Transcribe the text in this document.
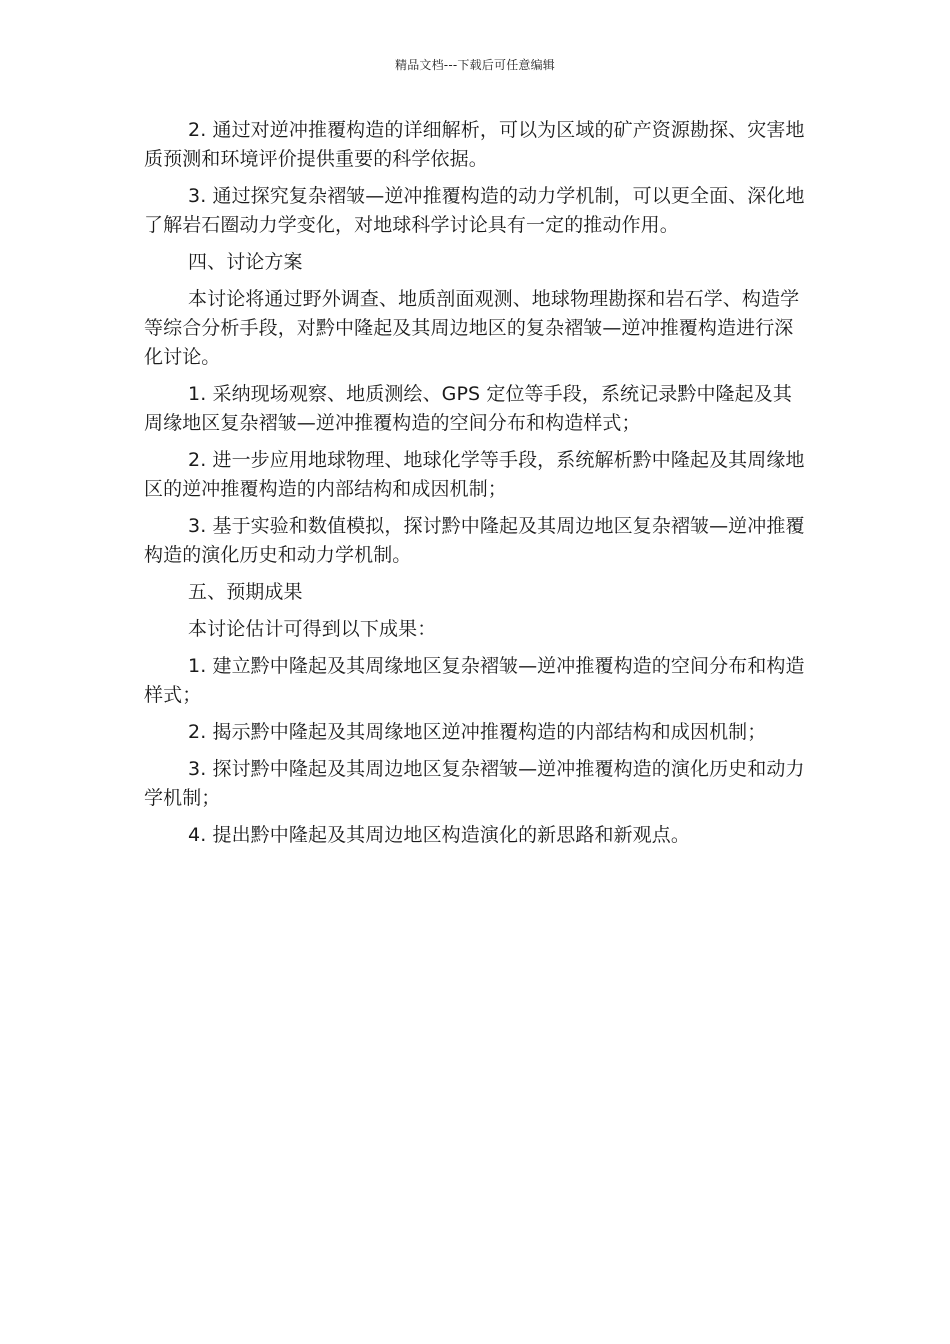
精品文档---下载后可任意编辑

2. 通过对逆冲推覆构造的详细解析，可以为区域的矿产资源勘探、灾害地质预测和环境评价提供重要的科学依据。

3. 通过探究复杂褶皱—逆冲推覆构造的动力学机制，可以更全面、深化地了解岩石圈动力学变化，对地球科学讨论具有一定的推动作用。

四、讨论方案

本讨论将通过野外调查、地质剖面观测、地球物理勘探和岩石学、构造学等综合分析手段，对黔中隆起及其周边地区的复杂褶皱—逆冲推覆构造进行深化讨论。

1. 采纳现场观察、地质测绘、GPS 定位等手段，系统记录黔中隆起及其周缘地区复杂褶皱—逆冲推覆构造的空间分布和构造样式；

2. 进一步应用地球物理、地球化学等手段，系统解析黔中隆起及其周缘地区的逆冲推覆构造的内部结构和成因机制；

3. 基于实验和数值模拟，探讨黔中隆起及其周边地区复杂褶皱—逆冲推覆构造的演化历史和动力学机制。

五、预期成果

本讨论估计可得到以下成果：

1. 建立黔中隆起及其周缘地区复杂褶皱—逆冲推覆构造的空间分布和构造样式；

2. 揭示黔中隆起及其周缘地区逆冲推覆构造的内部结构和成因机制；

3. 探讨黔中隆起及其周边地区复杂褶皱—逆冲推覆构造的演化历史和动力学机制；

4. 提出黔中隆起及其周边地区构造演化的新思路和新观点。
